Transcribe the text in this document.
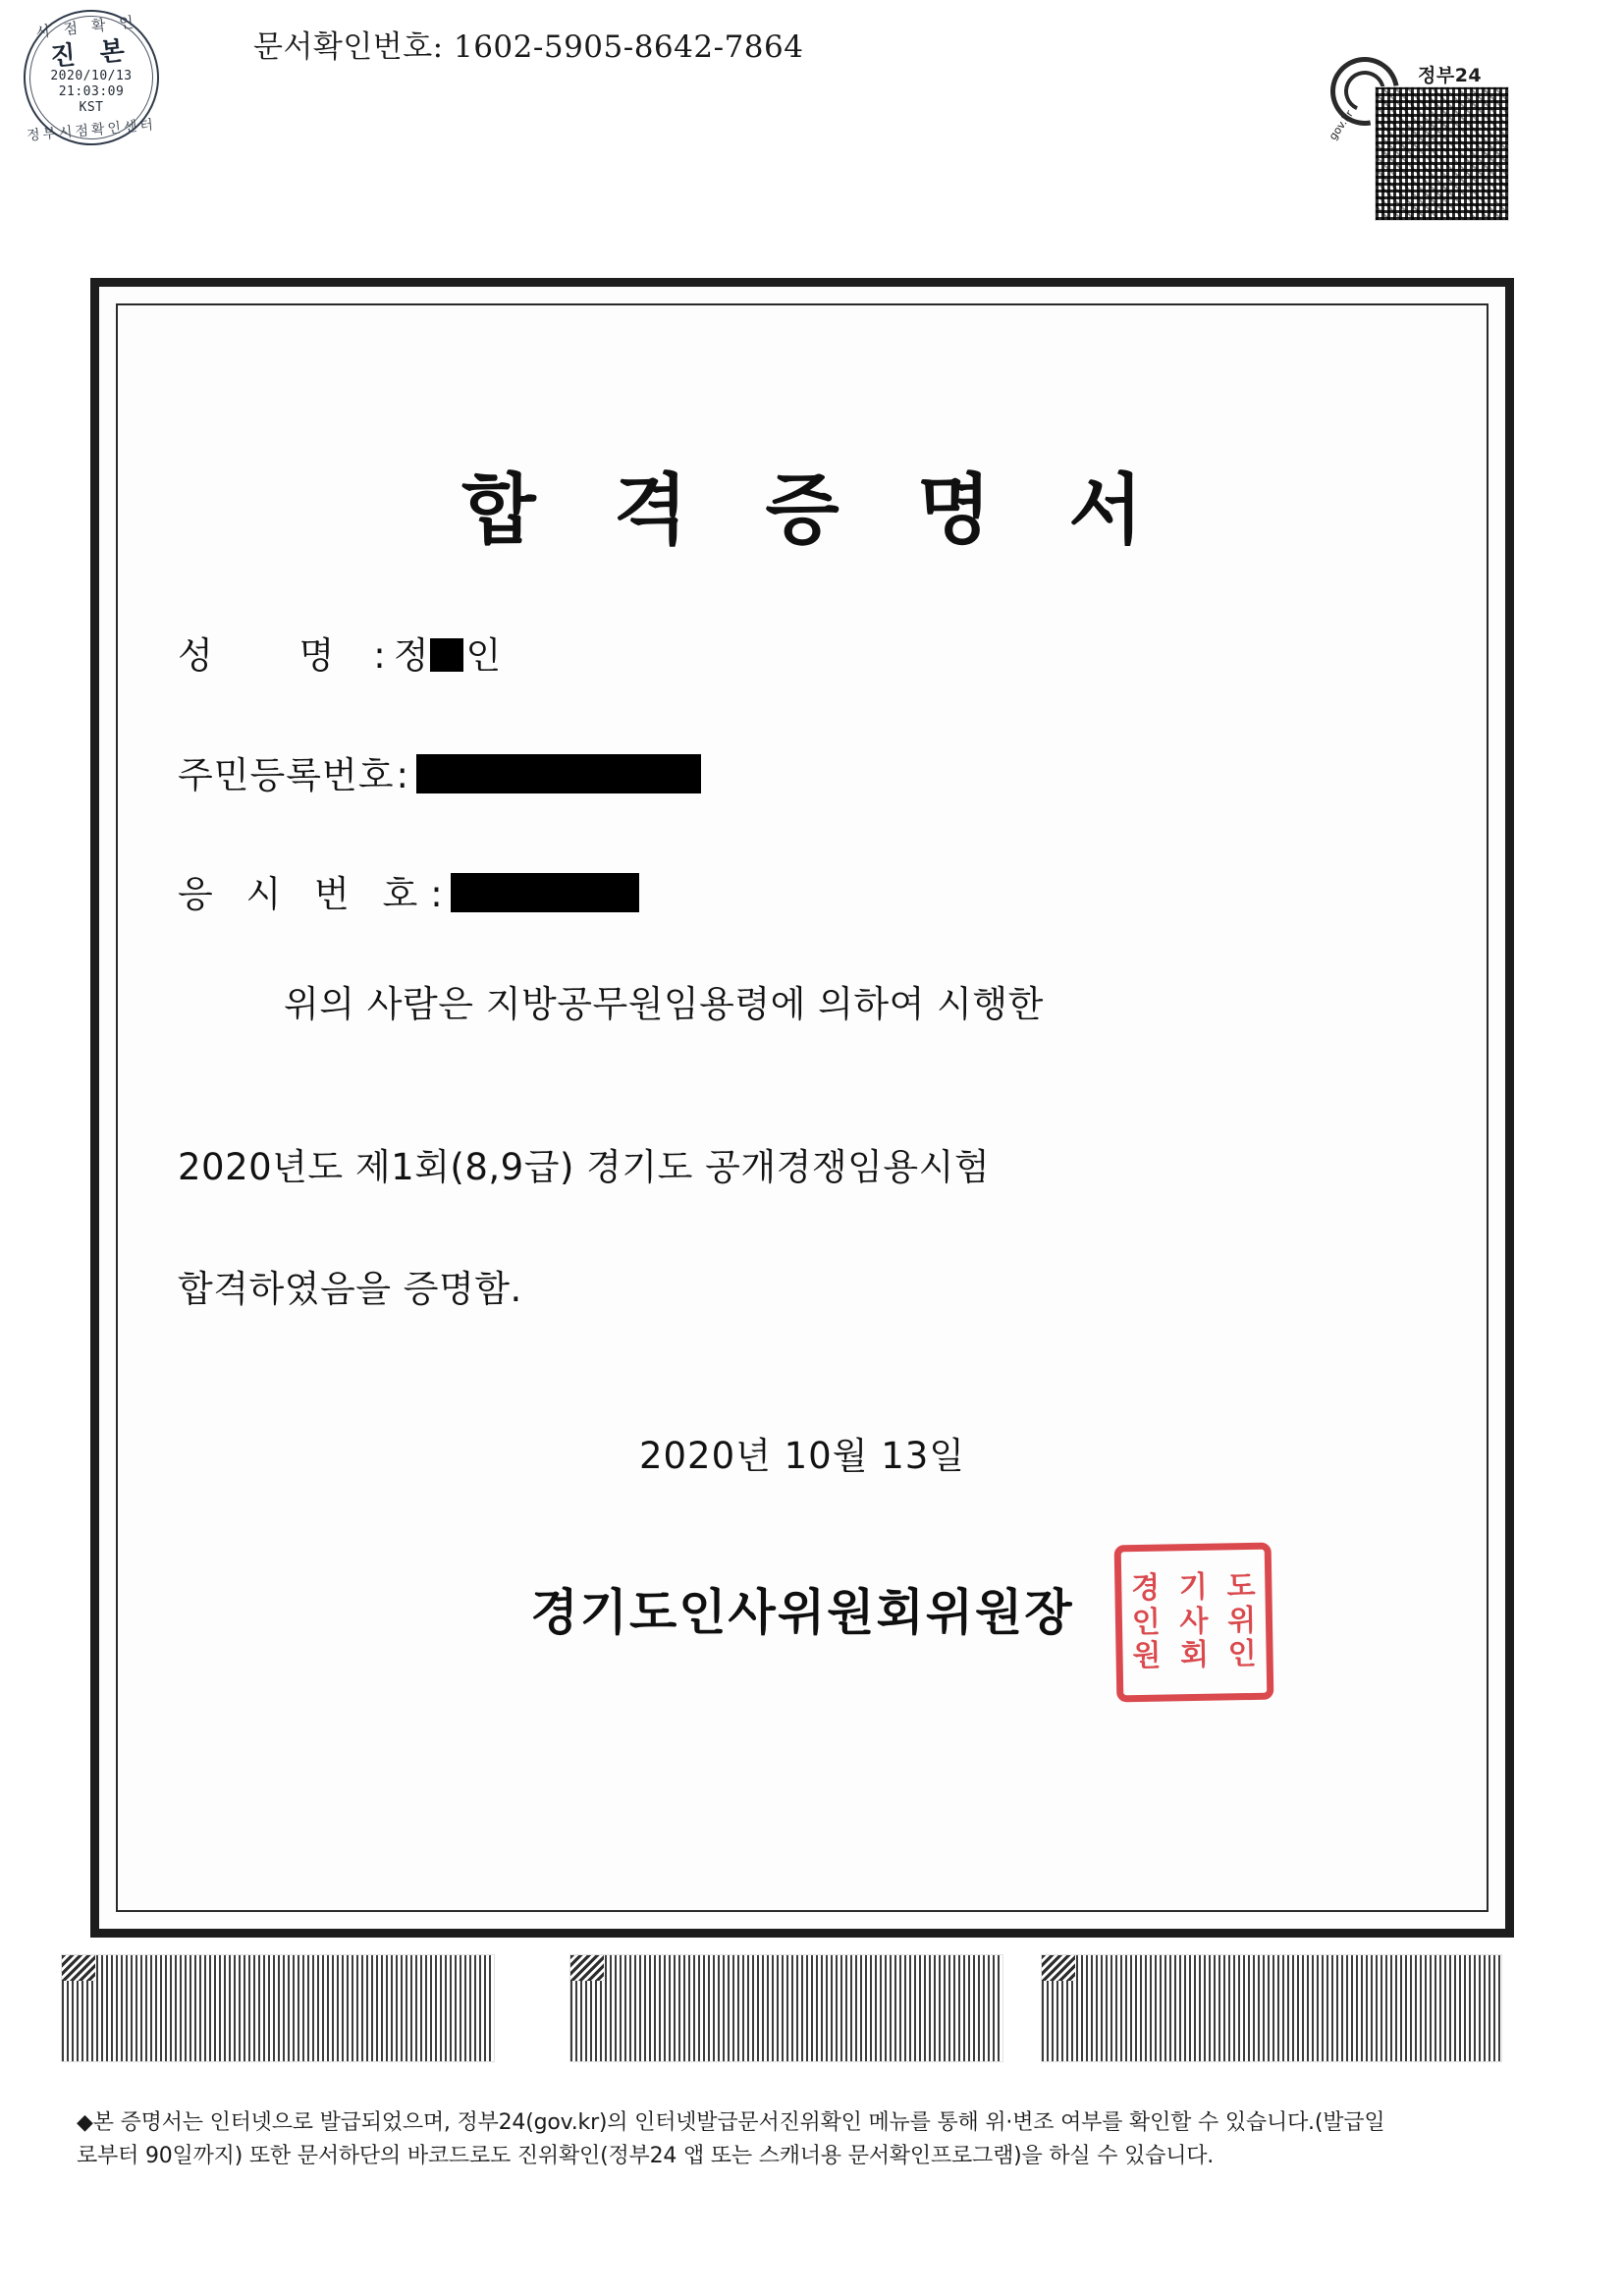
시점확인
진 본
2020/10/13
21:03:09
KST
정부시점확인센터
문서확인번호: 1602-5905-8642-7864
gov.kr
정부24
합 격 증 명 서
성 명: 정 인
주민등록번호:
응 시 번 호:
위의 사람은 지방공무원임용령에 의하여 시행한
2020년도 제1회(8,9급) 경기도 공개경쟁임용시험
합격하였음을 증명함.
2020년 10월 13일
경기도인사위원회위원장	경 기 도
인 사 위
원 회 인
◆본 증명서는 인터넷으로 발급되었으며, 정부24(gov.kr)의 인터넷발급문서진위확인 메뉴를 통해 위·변조 여부를 확인할 수 있습니다.(발급일
로부터 90일까지) 또한 문서하단의 바코드로도 진위확인(정부24 앱 또는 스캐너용 문서확인프로그램)을 하실 수 있습니다.
